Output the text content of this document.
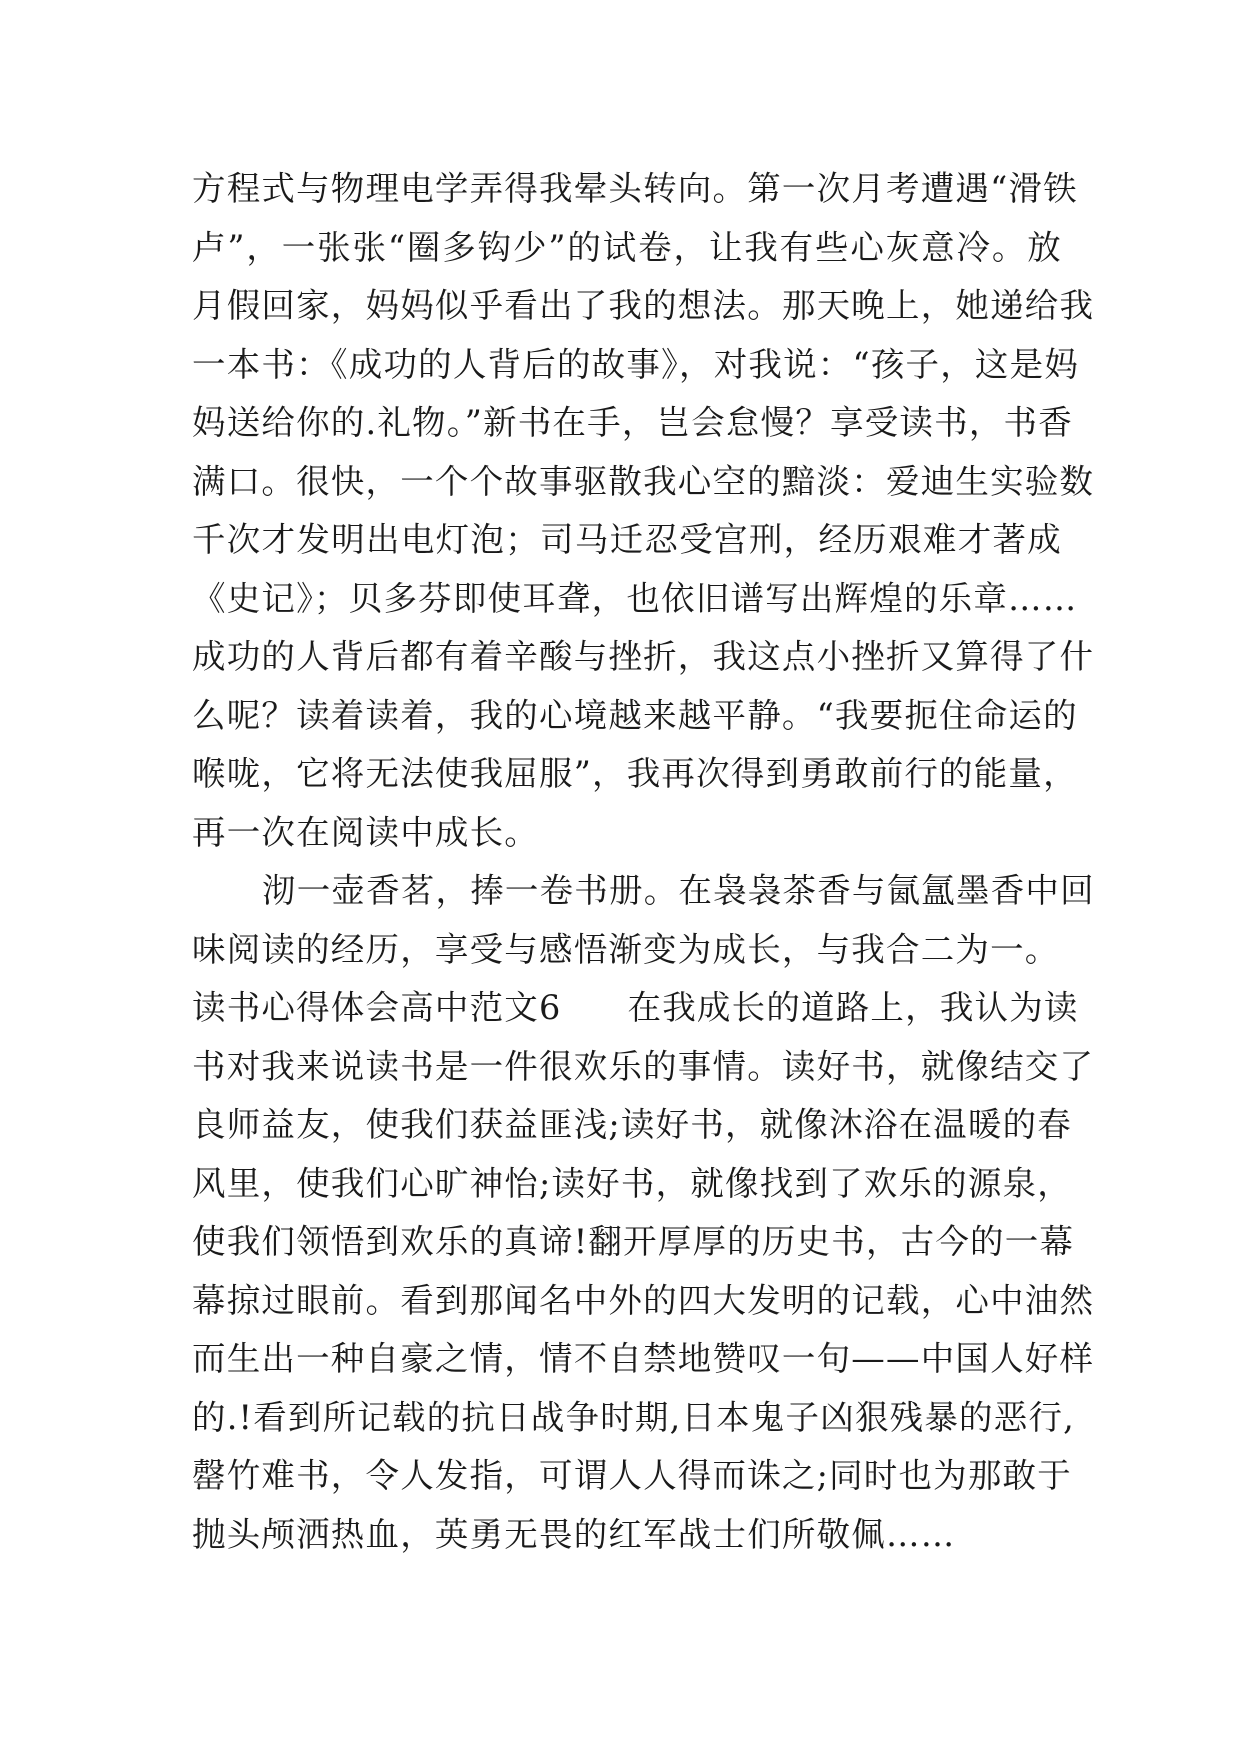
方程式与物理电学弄得我晕头转向。第一次月考遭遇“滑铁
卢”，一张张“圈多钩少”的试卷，让我有些心灰意冷。放
月假回家，妈妈似乎看出了我的想法。那天晚上，她递给我
一本书：《成功的人背后的故事》，对我说：“孩子，这是妈
妈送给你的.礼物。”新书在手，岂会怠慢？享受读书，书香
满口。很快，一个个故事驱散我心空的黯淡：爱迪生实验数
千次才发明出电灯泡；司马迁忍受宫刑，经历艰难才著成
《史记》；贝多芬即使耳聋，也依旧谱写出辉煌的乐章……
成功的人背后都有着辛酸与挫折，我这点小挫折又算得了什
么呢？读着读着，我的心境越来越平静。“我要扼住命运的
喉咙，它将无法使我屈服”，我再次得到勇敢前行的能量，
再一次在阅读中成长。
沏一壶香茗，捧一卷书册。在袅袅茶香与氤氲墨香中回
味阅读的经历，享受与感悟渐变为成长，与我合二为一。
读书心得体会高中范文6 在我成长的道路上，我认为读
书对我来说读书是一件很欢乐的事情。读好书，就像结交了
良师益友，使我们获益匪浅;读好书，就像沐浴在温暖的春
风里，使我们心旷神怡;读好书，就像找到了欢乐的源泉，
使我们领悟到欢乐的真谛!翻开厚厚的历史书，古今的一幕
幕掠过眼前。看到那闻名中外的四大发明的记载，心中油然
而生出一种自豪之情，情不自禁地赞叹一句——中国人好样
的.!看到所记载的抗日战争时期,日本鬼子凶狠残暴的恶行,
罄竹难书，令人发指，可谓人人得而诛之;同时也为那敢于
抛头颅洒热血，英勇无畏的红军战士们所敬佩……
